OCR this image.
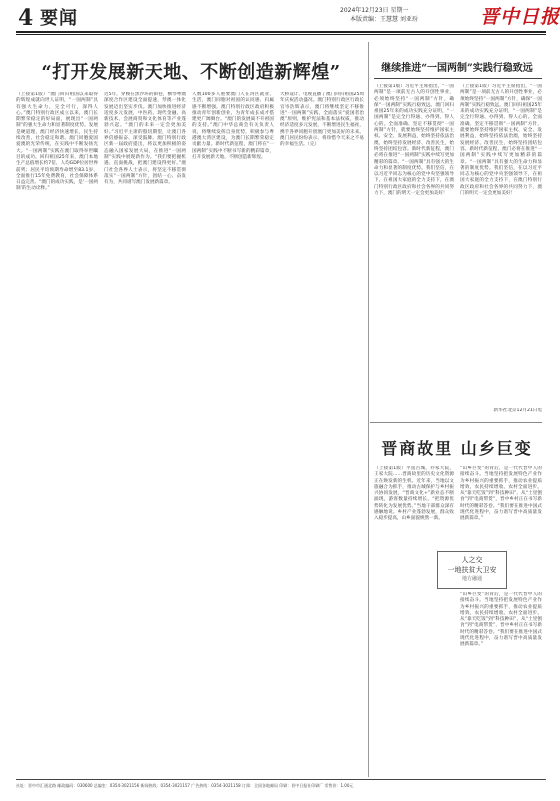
4 要闻	2024年12月23日 星期一
本版责编：王慧慧 刘亚玢	晋中日报
“打开发展新天地、不断创造新辉煌”
（上接第1版）“澳门回归祖国以来取得的辉煌成就向世人证明，“一国两制”具有强大生命力，完全可行，深得人心。”澳门特别行政区成立以来，澳门长期繁荣稳定的好局面，展现出“一国两制”的强大生命力和显著制度优势。发展是硬道理，澳门经济快速增长，民生持续改善，社会稳定和谐。澳门同胞爱国爱澳的光荣传统，在实践中不断发扬光大。“一国两制”实践在澳门取得举世瞩目的成功。回归祖国25年来，澳门本地生产总值增长约7倍，人均GDP位居世界前列；居民平均预期寿命增至83.1岁，全面推行15年免费教育，社会保障体系日益完善。“澳门的成功实践，是‘一国两制’的生动诠释。”
近5年，穿梭在黑沙环的街巷，横琴粤澳深度合作区建设全面提速，琴澳一体化发展迈出坚实步伐。澳门加快推进经济适度多元发展，中医药、现代金融、高新技术、会展商贸和文化体育等产业蓬勃兴起。“澳门的未来一定会更加美好。”习近平主席的殷切期望，让澳门各界倍感振奋、深受鼓舞。澳门特别行政区新一届政府提出，将以更加积极的姿态融入国家发展大局，在推进“一国两制”实践中展现新作为。“我们要把握机遇、直面挑战，把澳门建设得更好。”澳门社会各界人士表示，将坚定不移贯彻落实“一国两制”方针，团结一心、奋发有为，共同谱写澳门发展新篇章。
人数100多人重要澳门人在湾区就业、生活，澳门同胞对祖国的认同感、归属感不断增强。澳门特别行政区政府积极推动青年创新创业，为青年成长成才搭建更广阔舞台。“澳门的发展离不开祖国的支持。”澳门中华总商会有关负责人说，将继续发挥自身优势，积极参与粤港澳大湾区建设，为澳门长期繁荣稳定贡献力量。新时代新征程，澳门将在“一国两制”实践中不断书写新的精彩篇章，打开发展新天地、不断创造新辉煌。
大桥设计、电视直播了澳门回归祖国25周年庆祝活动盛况。澳门特别行政区行政长官岑浩辉表示，澳门将继续坚定不移推进“一国两制”实践，全面落实“爱国者治澳”原则，维护宪法和基本法权威，推动经济适度多元发展，不断增进民生福祉，携手各界同胞开创澳门更加美好的未来。澳门居民纷纷表示，将珍惜今天来之不易的幸福生活。（完）
继续推进“一国两制”实践行稳致远
（上接第1版）习近平主席指出，“一国两制”是一项前无古人的开创性事业，必须始终坚持“一国两制”方针，确保“一国两制”实践行稳致远。澳门回归祖国25年来的成功实践充分证明，“一国两制”是完全行得通、办得到、得人心的。全面准确、坚定不移贯彻“一国两制”方针，就要始终坚持维护国家主权、安全、发展利益，始终坚持依法治澳，始终坚持发展经济、改善民生，始终坚持团结包容。新时代新征程，澳门必将在推进“一国两制”实践中续写更加精彩的篇章。“一国两制”具有强大的生命力和显著的制度优势。我们坚信，在以习近平同志为核心的党中央坚强领导下，在祖国大家庭的全力支持下，在澳门特别行政区政府和社会各界的共同努力下，澳门的明天一定会更加美好！
（上接第1版）习近平主席指出，“一国两制”是一项前无古人的开创性事业，必须始终坚持“一国两制”方针，确保“一国两制”实践行稳致远。澳门回归祖国25年来的成功实践充分证明，“一国两制”是完全行得通、办得到、得人心的。全面准确、坚定不移贯彻“一国两制”方针，就要始终坚持维护国家主权、安全、发展利益，始终坚持依法治澳，始终坚持发展经济、改善民生，始终坚持团结包容。新时代新征程，澳门必将在推进“一国两制”实践中续写更加精彩的篇章。“一国两制”具有强大的生命力和显著的制度优势。我们坚信，在以习近平同志为核心的党中央坚强领导下，在祖国大家庭的全力支持下，在澳门特别行政区政府和社会各界的共同努力下，澳门的明天一定会更加美好！
新华社北京12月21日电
晋商故里 山乡巨变
（上接第1版）平遥古城、乔家大院、王家大院……晋商故里的历史文化资源正在焕发新的生机。近年来，当地以文旅融合为抓手，推动古城保护与乡村振兴协同发展，“晋商文化+”新业态不断涌现，游客数量持续增长。“把资源优势转化为发展优势。”当地干部群众深有感触地说。乡村产业蓬勃发展，群众收入稳步提高，山乡面貌焕然一新。
“山乡巨变”的背后，是一代代晋中人的接续奋斗。当地坚持把发展特色产业作为乡村振兴的重要抓手，推动农业提质增效、农民持续增收、农村全面进步。从“靠天吃饭”到“科技种田”，从“土里刨食”到“电商带货”，晋中乡村正在书写新时代的精彩答卷。“我们要在推进中国式现代化进程中，奋力谱写晋中高质量发展新篇章。”
人之交
一地扶贫大卫安
地方融通
“山乡巨变”的背后，是一代代晋中人的接续奋斗。当地坚持把发展特色产业作为乡村振兴的重要抓手，推动农业提质增效、农民持续增收、农村全面进步。从“靠天吃饭”到“科技种田”，从“土里刨食”到“电商带货”，晋中乡村正在书写新时代的精彩答卷。“我们要在推进中国式现代化进程中，奋力谱写晋中高质量发展新篇章。”
社址：晋中市汇通北路 邮政编码：030600 总编室：0354-3021156 新闻热线：0354-3021157 广告热线：0354-3021158 订阅：全国各地邮局 印刷：晋中日报社印刷厂 零售价：1.00元
